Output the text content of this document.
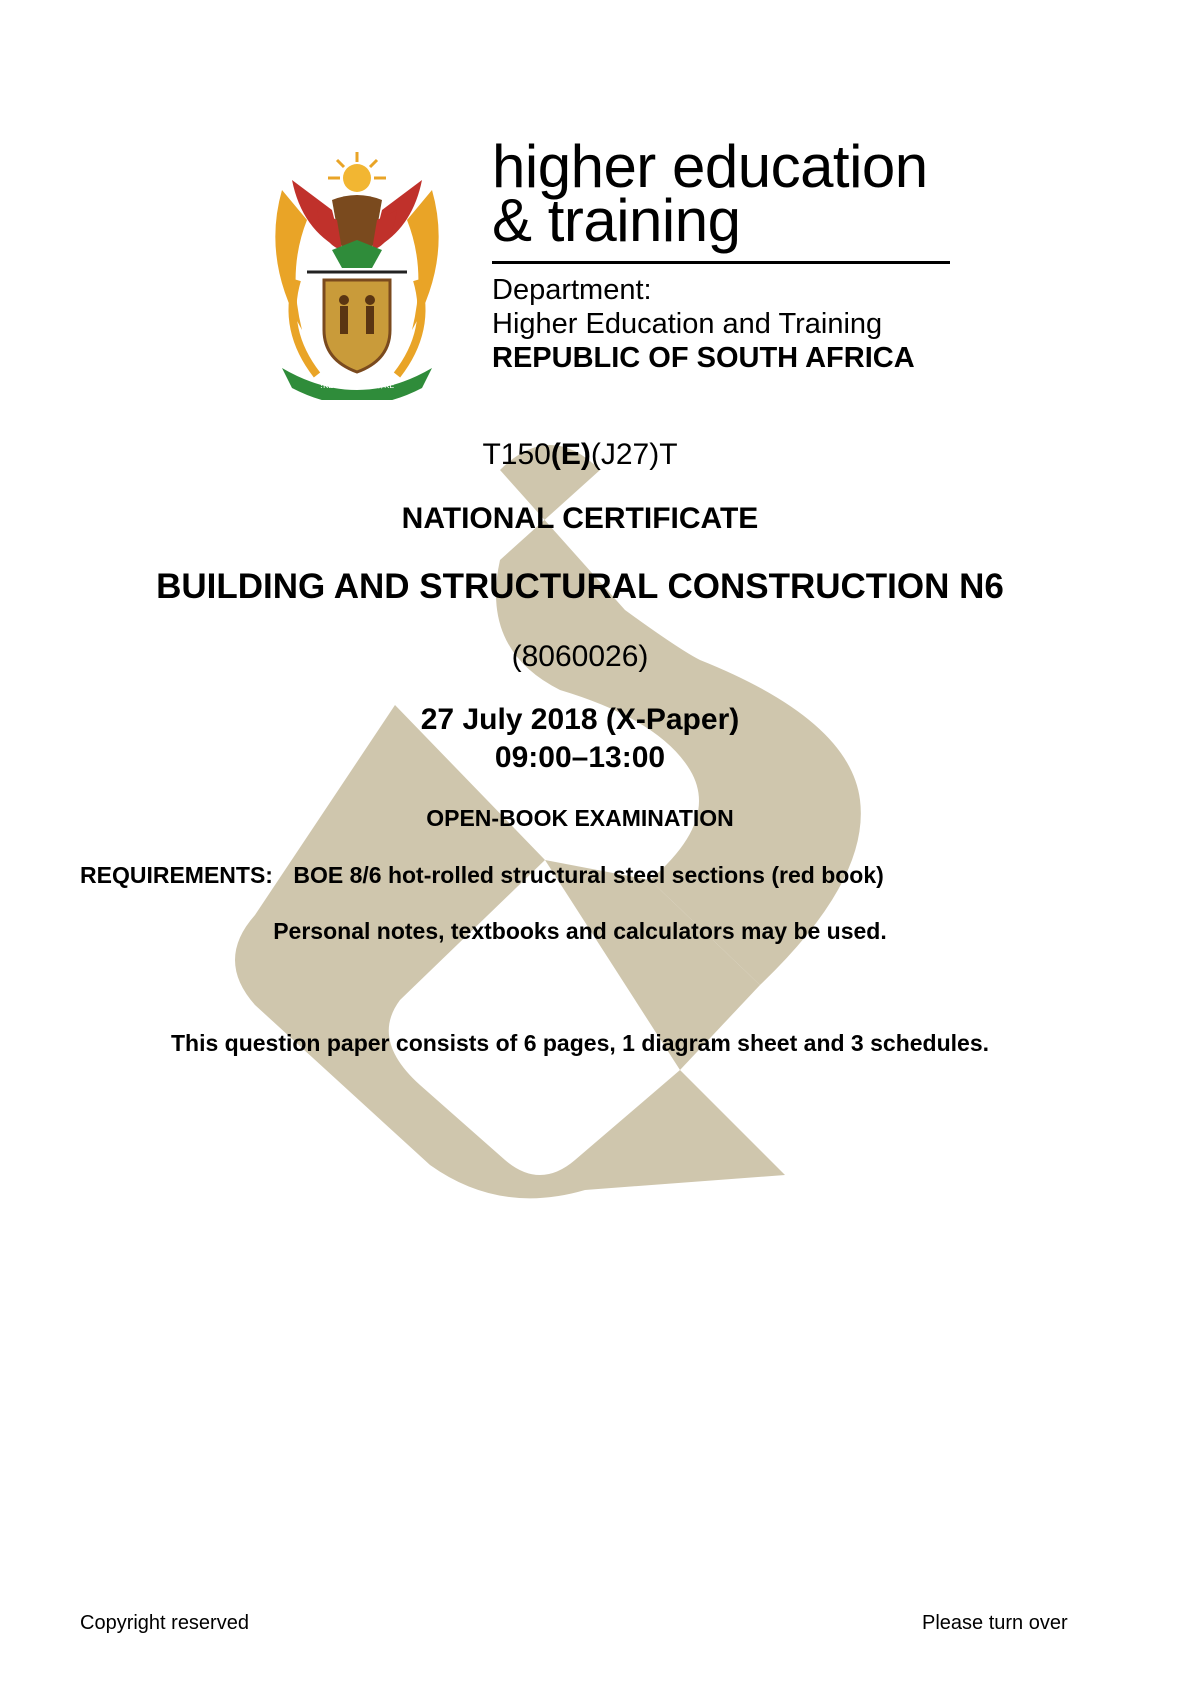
!KE E: /XARRA //KE
higher education
& training
Department:
Higher Education and Training
REPUBLIC OF SOUTH AFRICA
T150(E)(J27)T
NATIONAL CERTIFICATE
BUILDING AND STRUCTURAL CONSTRUCTION N6
(8060026)
27 July 2018 (X-Paper)
09:00–13:00
OPEN-BOOK EXAMINATION
REQUIREMENTS: BOE 8/6 hot-rolled structural steel sections (red book)
Personal notes, textbooks and calculators may be used.
This question paper consists of 6 pages, 1 diagram sheet and 3 schedules.
Copyright reserved	Please turn over
